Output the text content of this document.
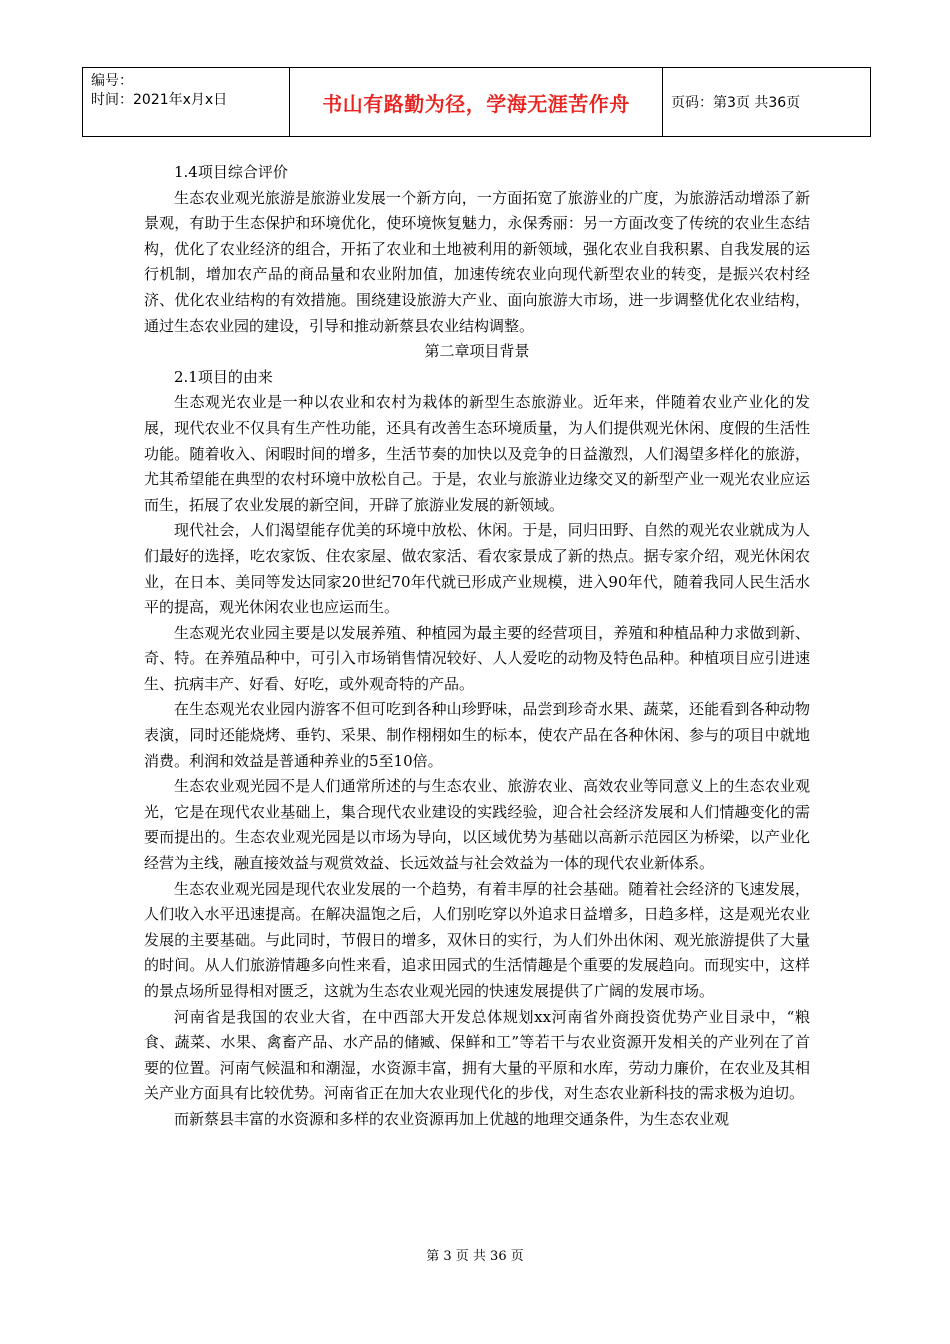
编号：
时间：2021年x月x日	书山有路勤为径，学海无涯苦作舟	页码：第3页 共36页

1.4项目综合评价

生态农业观光旅游是旅游业发展一个新方向，一方面拓宽了旅游业的广度，为旅游活动增添了新景观，有助于生态保护和环境优化，使环境恢复魅力，永保秀丽：另一方面改变了传统的农业生态结构，优化了农业经济的组合，开拓了农业和土地被利用的新领域，强化农业自我积累、自我发展的运行机制，增加农产品的商品量和农业附加值，加速传统农业向现代新型农业的转变，是振兴农村经济、优化农业结构的有效措施。围绕建设旅游大产业、面向旅游大市场，进一步调整优化农业结构，通过生态农业园的建设，引导和推动新蔡县农业结构调整。

第二章项目背景

2.1项目的由来

生态观光农业是一种以农业和农村为栽体的新型生态旅游业。近年来，伴随着农业产业化的发展，现代农业不仅具有生产性功能，还具有改善生态环境质量，为人们提供观光休闲、度假的生活性功能。随着收入、闲暇时间的增多，生活节奏的加快以及竞争的日益激烈，人们渴望多样化的旅游，尤其希望能在典型的农村环境中放松自己。于是，农业与旅游业边缘交叉的新型产业一观光农业应运而生，拓展了农业发展的新空间，开辟了旅游业发展的新领域。

现代社会，人们渴望能存优美的环境中放松、休闲。于是，同归田野、自然的观光农业就成为人们最好的选择，吃农家饭、住农家屋、做农家活、看农家景成了新的热点。据专家介绍，观光休闲农业，在日本、美同等发达同家20世纪70年代就已形成产业规模，进入90年代，随着我同人民生活水平的提高，观光休闲农业也应运而生。

生态观光农业园主要是以发展养殖、种植园为最主要的经营项目，养殖和种植品种力求做到新、奇、特。在养殖品种中，可引入市场销售情况较好、人人爱吃的动物及特色品种。种植项目应引进速生、抗病丰产、好看、好吃，或外观奇特的产品。

在生态观光农业园内游客不但可吃到各种山珍野味，品尝到珍奇水果、蔬菜，还能看到各种动物表演，同时还能烧烤、垂钓、采果、制作栩栩如生的标本，使农产品在各种休闲、参与的项目中就地消费。利润和效益是普通种养业的5至10倍。

生态农业观光园不是人们通常所述的与生态农业、旅游农业、高效农业等同意义上的生态农业观光，它是在现代农业基础上，集合现代农业建设的实践经验，迎合社会经济发展和人们情趣变化的需要而提出的。生态农业观光园是以市场为导向，以区域优势为基础以高新示范园区为桥梁，以产业化经营为主线，融直接效益与观赏效益、长远效益与社会效益为一体的现代农业新体系。

生态农业观光园是现代农业发展的一个趋势，有着丰厚的社会基础。随着社会经济的飞速发展，人们收入水平迅速提高。在解决温饱之后，人们别吃穿以外追求日益增多，日趋多样，这是观光农业发展的主要基础。与此同时，节假日的增多，双休日的实行，为人们外出休闲、观光旅游提供了大量的时间。从人们旅游情趣多向性来看，追求田园式的生活情趣是个重要的发展趋向。而现实中，这样的景点场所显得相对匮乏，这就为生态农业观光园的快速发展提供了广阔的发展市场。

河南省是我国的农业大省，在中西部大开发总体规划xx河南省外商投资优势产业目录中，“粮食、蔬菜、水果、禽畜产品、水产品的储臧、保鲜和工”等若干与农业资源开发相关的产业列在了首要的位置。河南气候温和和潮湿，水资源丰富，拥有大量的平原和水库，劳动力廉价，在农业及其相关产业方面具有比较优势。河南省正在加大农业现代化的步伐，对生态农业新科技的需求极为迫切。

而新蔡县丰富的水资源和多样的农业资源再加上优越的地理交通条件，为生态农业观

第 3 页 共 36 页
